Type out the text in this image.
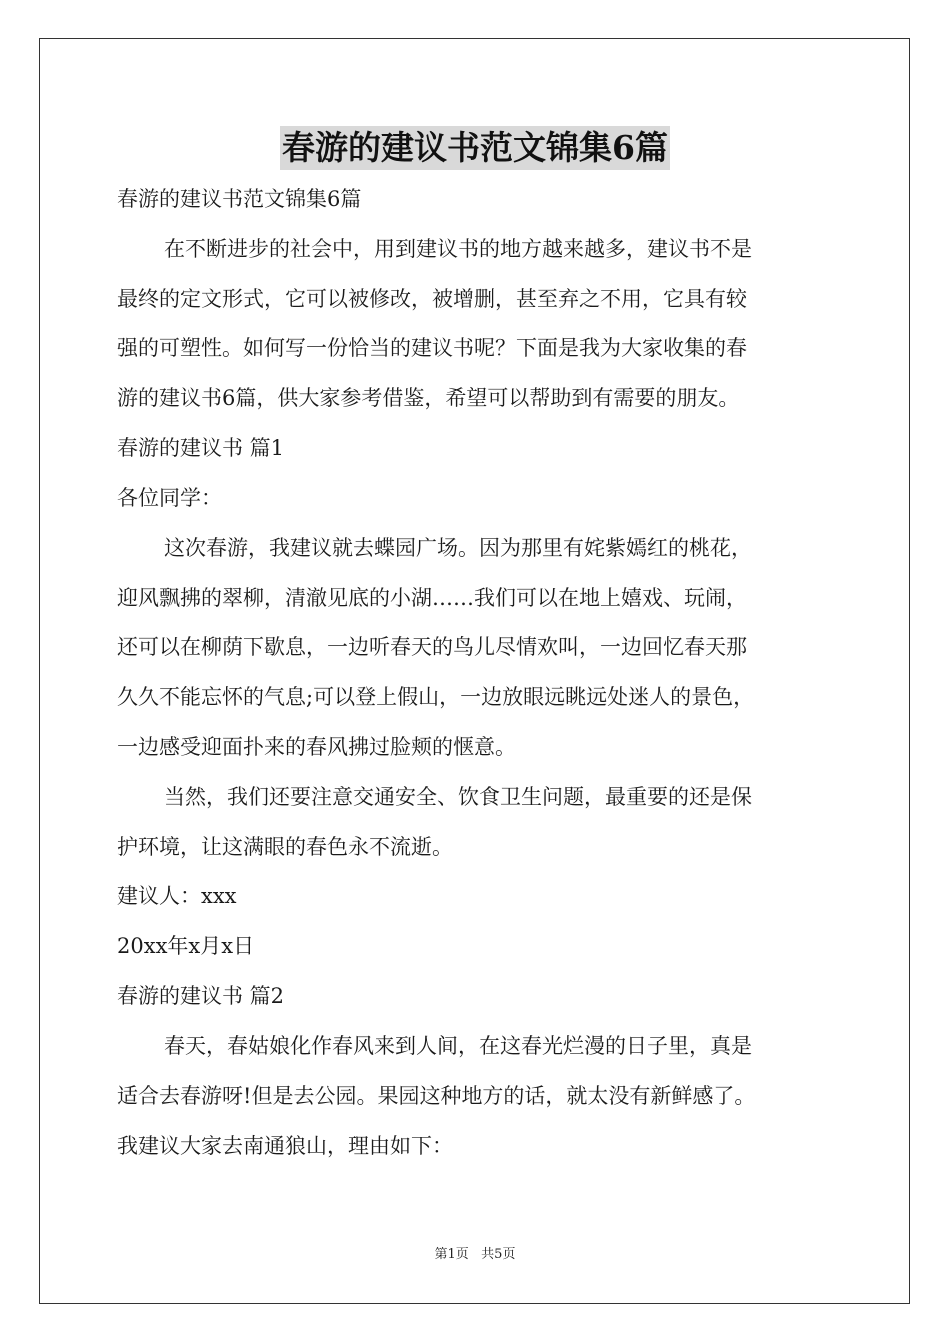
春游的建议书范文锦集6篇
春游的建议书范文锦集6篇
在不断进步的社会中，用到建议书的地方越来越多，建议书不是
最终的定文形式，它可以被修改，被增删，甚至弃之不用，它具有较
强的可塑性。如何写一份恰当的建议书呢？下面是我为大家收集的春
游的建议书6篇，供大家参考借鉴，希望可以帮助到有需要的朋友。
春游的建议书 篇1
各位同学：
这次春游，我建议就去蝶园广场。因为那里有姹紫嫣红的桃花，
迎风飘拂的翠柳，清澈见底的小湖……我们可以在地上嬉戏、玩闹，
还可以在柳荫下歇息，一边听春天的鸟儿尽情欢叫，一边回忆春天那
久久不能忘怀的气息;可以登上假山，一边放眼远眺远处迷人的景色，
一边感受迎面扑来的春风拂过脸颊的惬意。
当然，我们还要注意交通安全、饮食卫生问题，最重要的还是保
护环境，让这满眼的春色永不流逝。
建议人：xxx
20xx年x月x日
春游的建议书 篇2
春天，春姑娘化作春风来到人间，在这春光烂漫的日子里，真是
适合去春游呀!但是去公园。果园这种地方的话，就太没有新鲜感了。
我建议大家去南通狼山，理由如下：
第1页   共5页
